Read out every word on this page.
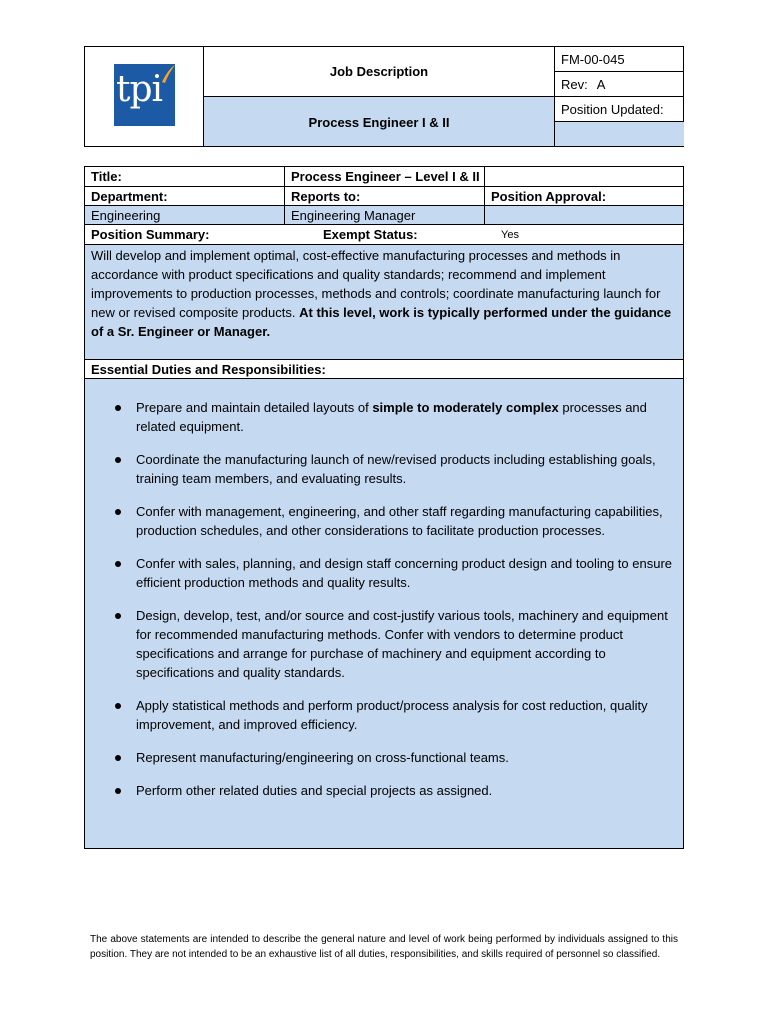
tpi	Job Description
Process Engineer I & II
FM-00-045
Rev: A
Position Updated:
Title:	Process Engineer – Level I & II
Department:	Reports to:	Position Approval:
Engineering	Engineering Manager
Position Summary:	Exempt Status:	Yes
Will develop and implement optimal, cost-effective manufacturing processes and methods in accordance with product specifications and quality standards; recommend and implement improvements to production processes, methods and controls; coordinate manufacturing launch for new or revised composite products. At this level, work is typically performed under the guidance of a Sr. Engineer or Manager.
Essential Duties and Responsibilities:
Prepare and maintain detailed layouts of simple to moderately complex processes and related equipment.
Coordinate the manufacturing launch of new/revised products including establishing goals, training team members, and evaluating results.
Confer with management, engineering, and other staff regarding manufacturing capabilities, production schedules, and other considerations to facilitate production processes.
Confer with sales, planning, and design staff concerning product design and tooling to ensure efficient production methods and quality results.
Design, develop, test, and/or source and cost-justify various tools, machinery and equipment for recommended manufacturing methods. Confer with vendors to determine product specifications and arrange for purchase of machinery and equipment according to specifications and quality standards.
Apply statistical methods and perform product/process analysis for cost reduction, quality improvement, and improved efficiency.
Represent manufacturing/engineering on cross-functional teams.
Perform other related duties and special projects as assigned.
The above statements are intended to describe the general nature and level of work being performed by individuals assigned to this position. They are not intended to be an exhaustive list of all duties, responsibilities, and skills required of personnel so classified.
